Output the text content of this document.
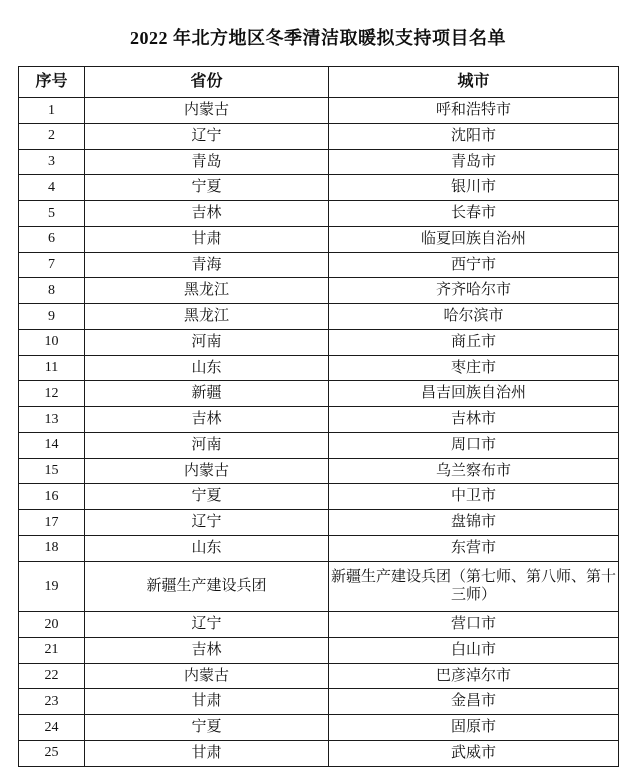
2022 年北方地区冬季清洁取暖拟支持项目名单
序号	省份	城市
1	内蒙古	呼和浩特市
2	辽宁	沈阳市
3	青岛	青岛市
4	宁夏	银川市
5	吉林	长春市
6	甘肃	临夏回族自治州
7	青海	西宁市
8	黑龙江	齐齐哈尔市
9	黑龙江	哈尔滨市
10	河南	商丘市
11	山东	枣庄市
12	新疆	昌吉回族自治州
13	吉林	吉林市
14	河南	周口市
15	内蒙古	乌兰察布市
16	宁夏	中卫市
17	辽宁	盘锦市
18	山东	东营市
19	新疆生产建设兵团	新疆生产建设兵团（第七师、第八师、第十三师）
20	辽宁	营口市
21	吉林	白山市
22	内蒙古	巴彦淖尔市
23	甘肃	金昌市
24	宁夏	固原市
25	甘肃	武威市
